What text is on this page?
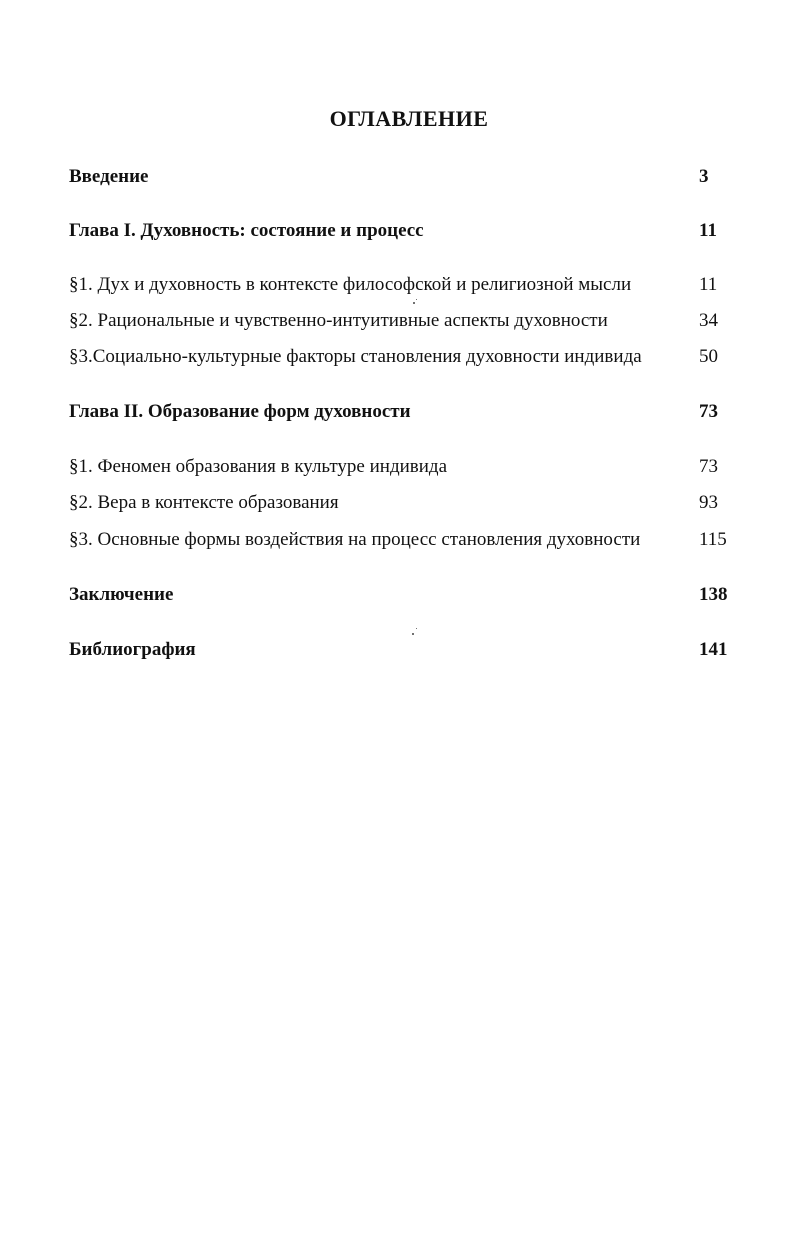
ОГЛАВЛЕНИЕ
Введение	3
Глава I. Духовность: состояние и процесс	11
§1. Дух и духовность в контексте философской и религиозной мысли	11
§2. Рациональные и чувственно-интуитивные аспекты духовности	34
§3.Социально-культурные факторы становления духовности индивида	50
Глава II. Образование форм духовности	73
§1. Феномен образования в культуре индивида	73
§2. Вера в контексте образования	93
§3. Основные формы воздействия на процесс становления духовности	115
Заключение	138
Библиография	141
